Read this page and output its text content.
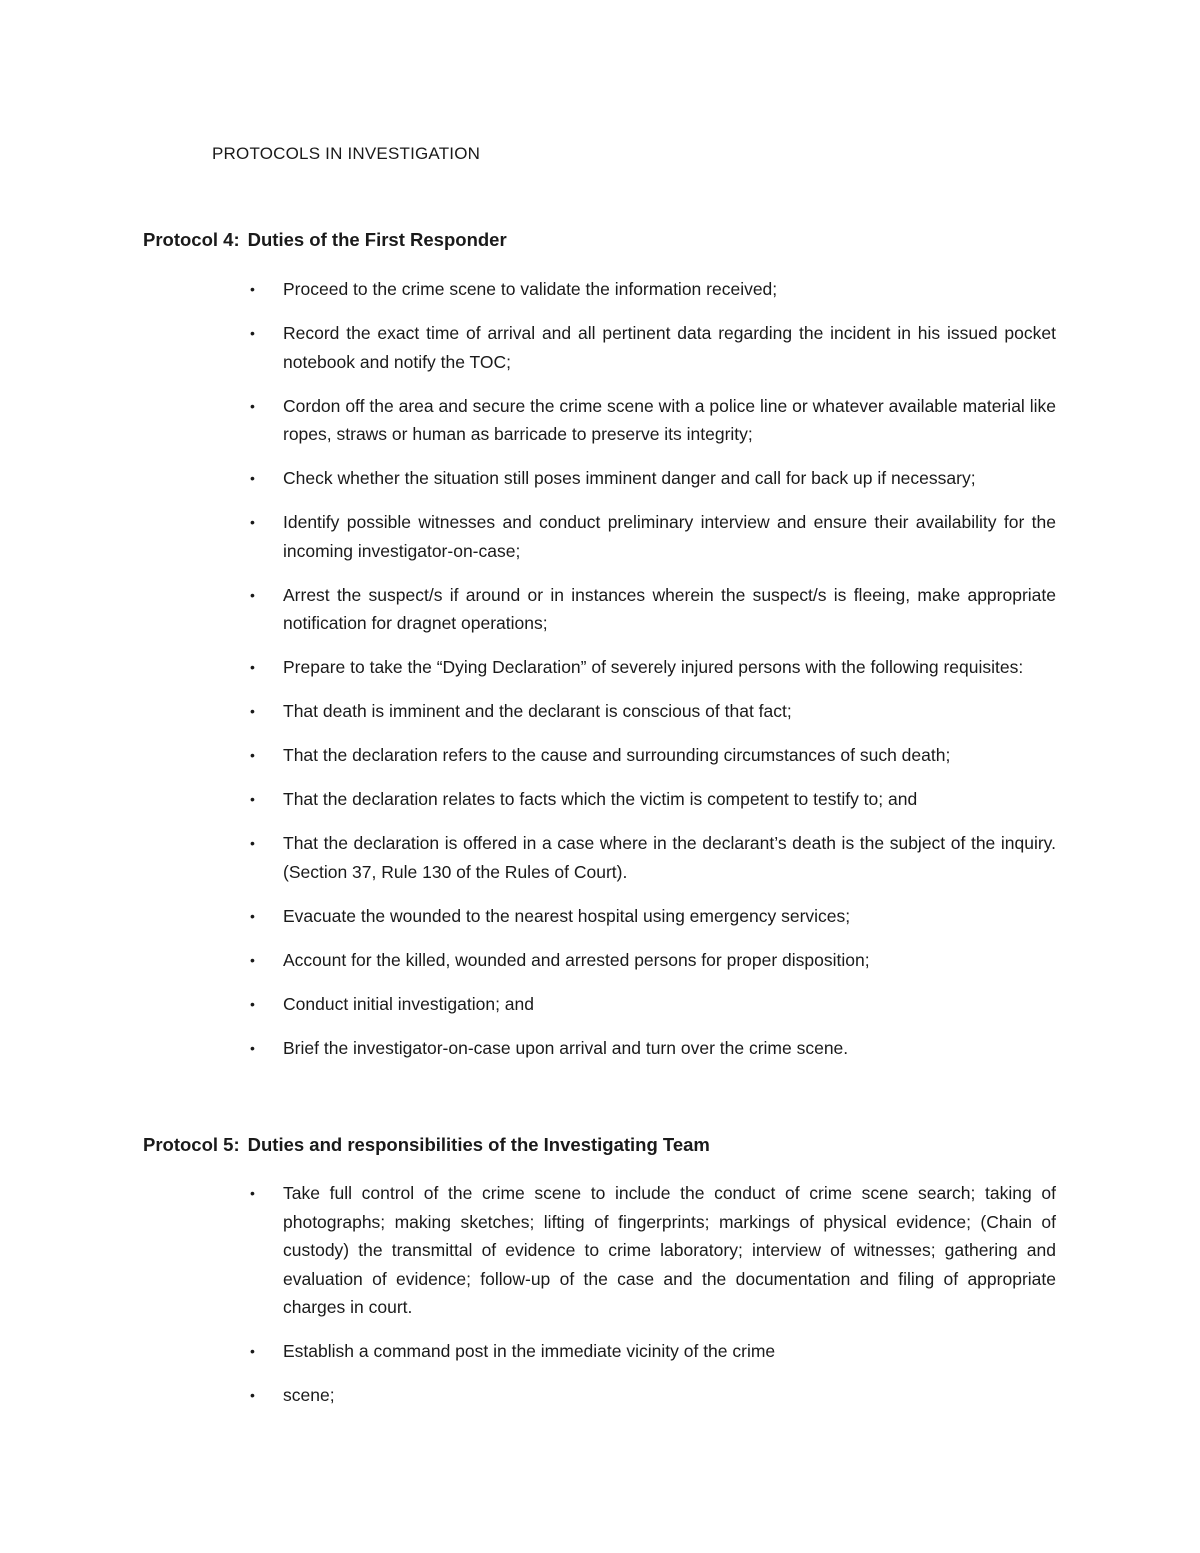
PROTOCOLS IN INVESTIGATION
Protocol 4: Duties of the First Responder
• Proceed to the crime scene to validate the information received;
• Record the exact time of arrival and all pertinent data regarding the incident in his issued pocket notebook and notify the TOC;
• Cordon off the area and secure the crime scene with a police line or whatever available material like ropes, straws or human as barricade to preserve its integrity;
• Check whether the situation still poses imminent danger and call for back up if necessary;
• Identify possible witnesses and conduct preliminary interview and ensure their availability for the incoming investigator-on-case;
• Arrest the suspect/s if around or in instances wherein the suspect/s is fleeing, make appropriate notification for dragnet operations;
• Prepare to take the “Dying Declaration” of severely injured persons with the following requisites:
• That death is imminent and the declarant is conscious of that fact;
• That the declaration refers to the cause and surrounding circumstances of such death;
• That the declaration relates to facts which the victim is competent to testify to; and
• That the declaration is offered in a case where in the declarant’s death is the subject of the inquiry. (Section 37, Rule 130 of the Rules of Court).
• Evacuate the wounded to the nearest hospital using emergency services;
• Account for the killed, wounded and arrested persons for proper disposition;
• Conduct initial investigation; and
• Brief the investigator-on-case upon arrival and turn over the crime scene.
Protocol 5: Duties and responsibilities of the Investigating Team
• Take full control of the crime scene to include the conduct of crime scene search; taking of photographs; making sketches; lifting of fingerprints; markings of physical evidence; (Chain of custody) the transmittal of evidence to crime laboratory; interview of witnesses; gathering and evaluation of evidence; follow-up of the case and the documentation and filing of appropriate charges in court.
• Establish a command post in the immediate vicinity of the crime
• scene;
